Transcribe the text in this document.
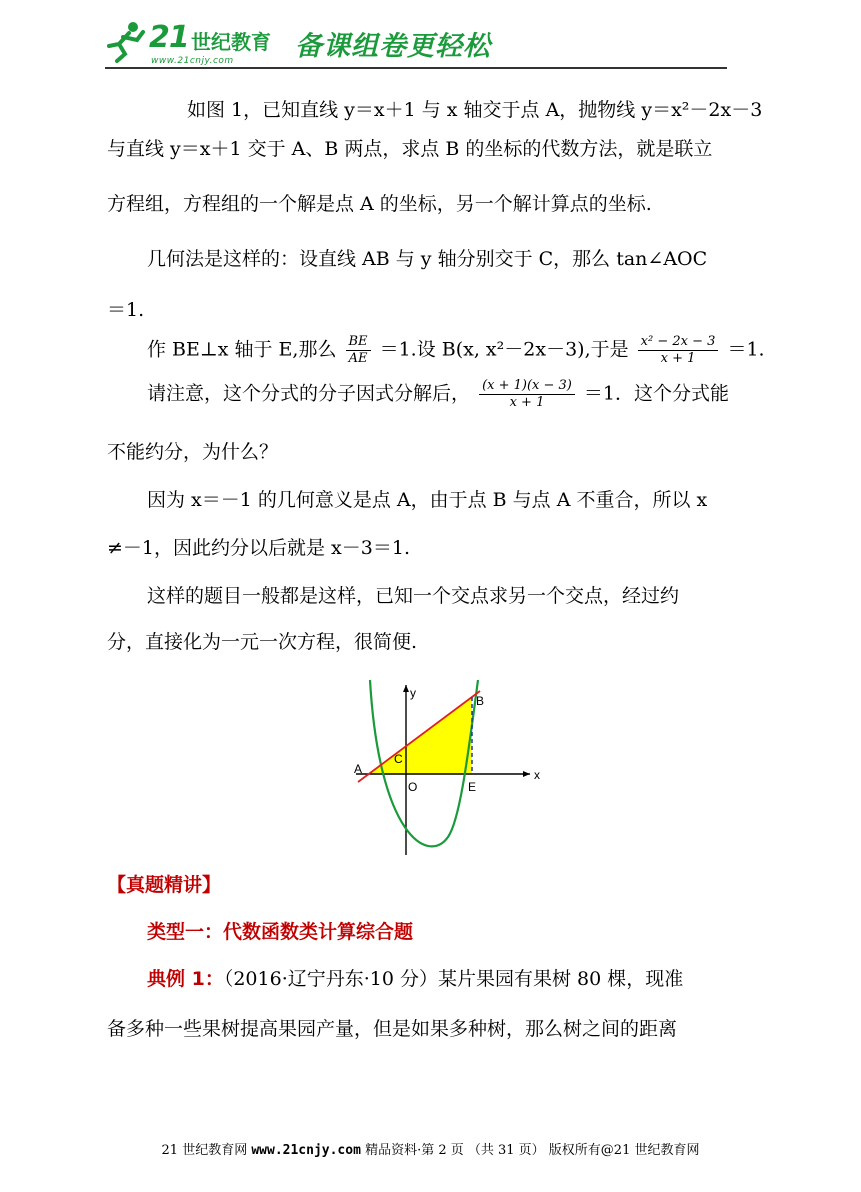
21 世纪教育
www.21cnjy.com 备课组卷更轻松
如图 1，已知直线 y＝x＋1 与 x 轴交于点 A，抛物线 y＝x²－2x－3
与直线 y＝x＋1 交于 A、B 两点，求点 B 的坐标的代数方法，就是联立
方程组，方程组的一个解是点 A 的坐标，另一个解计算点的坐标.
几何法是这样的：设直线 AB 与 y 轴分别交于 C，那么 tan∠AOC
＝1.
作 BE⊥x 轴于 E,那么 $\frac{BE}{AE} =1$.设 B(x, x²－2x－3),于是 $\frac{\text{x² − 2x − 3}}{x + 1} =1$.
请注意，这个分式的分子因式分解后， $\frac{(x + 1)(x - 3)}{x + 1} =1$．这个分式能
不能约分，为什么？
因为 x＝－1 的几何意义是点 A，由于点 B 与点 A 不重合，所以 x
≠－1，因此约分以后就是 x－3＝1.
这样的题目一般都是这样，已知一个交点求另一个交点，经过约
分，直接化为一元一次方程，很简便.
y
x
A
B
C
O	E
【真题精讲】
类型一：代数函数类计算综合题
典例 1：（2016·辽宁丹东·10 分）某片果园有果树 80 棵，现准
备多种一些果树提高果园产量，但是如果多种树，那么树之间的距离
21 世纪教育网 www.21cnjy.com 精品资料·第 2 页 （共 31 页） 版权所有@21 世纪教育网
